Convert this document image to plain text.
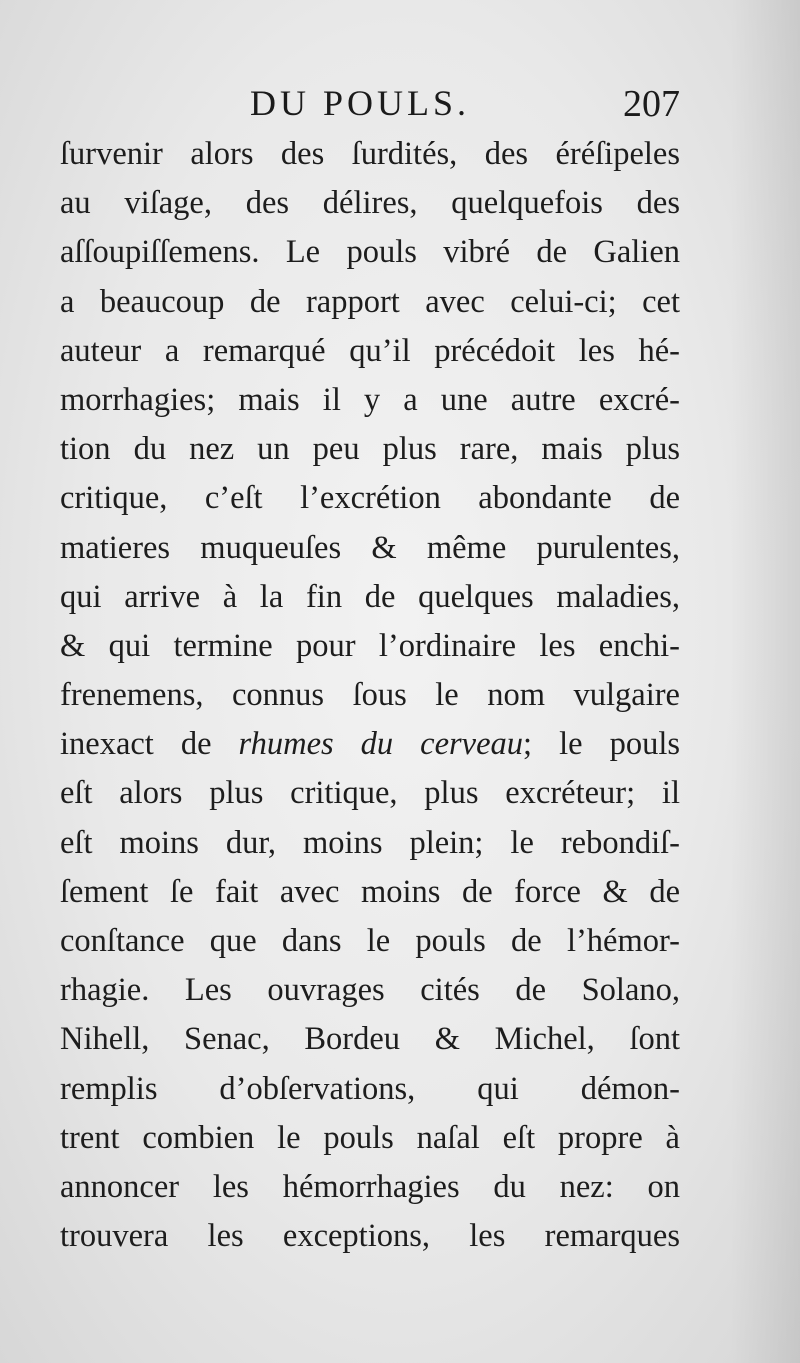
DU POULS.	207
ſurvenir alors des ſurdités, des éréſipeles
au viſage, des délires, quelquefois des
aſſoupiſſemens. Le pouls vibré de Galien
a beaucoup de rapport avec celui-ci; cet
auteur a remarqué qu’il précédoit les hé-
morrhagies; mais il y a une autre excré-
tion du nez un peu plus rare, mais plus
critique, c’eſt l’excrétion abondante de
matieres muqueuſes & même purulentes,
qui arrive à la fin de quelques maladies,
& qui termine pour l’ordinaire les enchi-
frenemens, connus ſous le nom vulgaire
inexact de rhumes du cerveau; le pouls
eſt alors plus critique, plus excréteur; il
eſt moins dur, moins plein; le rebondiſ-
ſement ſe fait avec moins de force & de
conſtance que dans le pouls de l’hémor-
rhagie. Les ouvrages cités de Solano,
Nihell, Senac, Bordeu & Michel, ſont
remplis d’obſervations, qui démon-
trent combien le pouls naſal eſt propre à
annoncer les hémorrhagies du nez: on
trouvera les exceptions, les remarques
